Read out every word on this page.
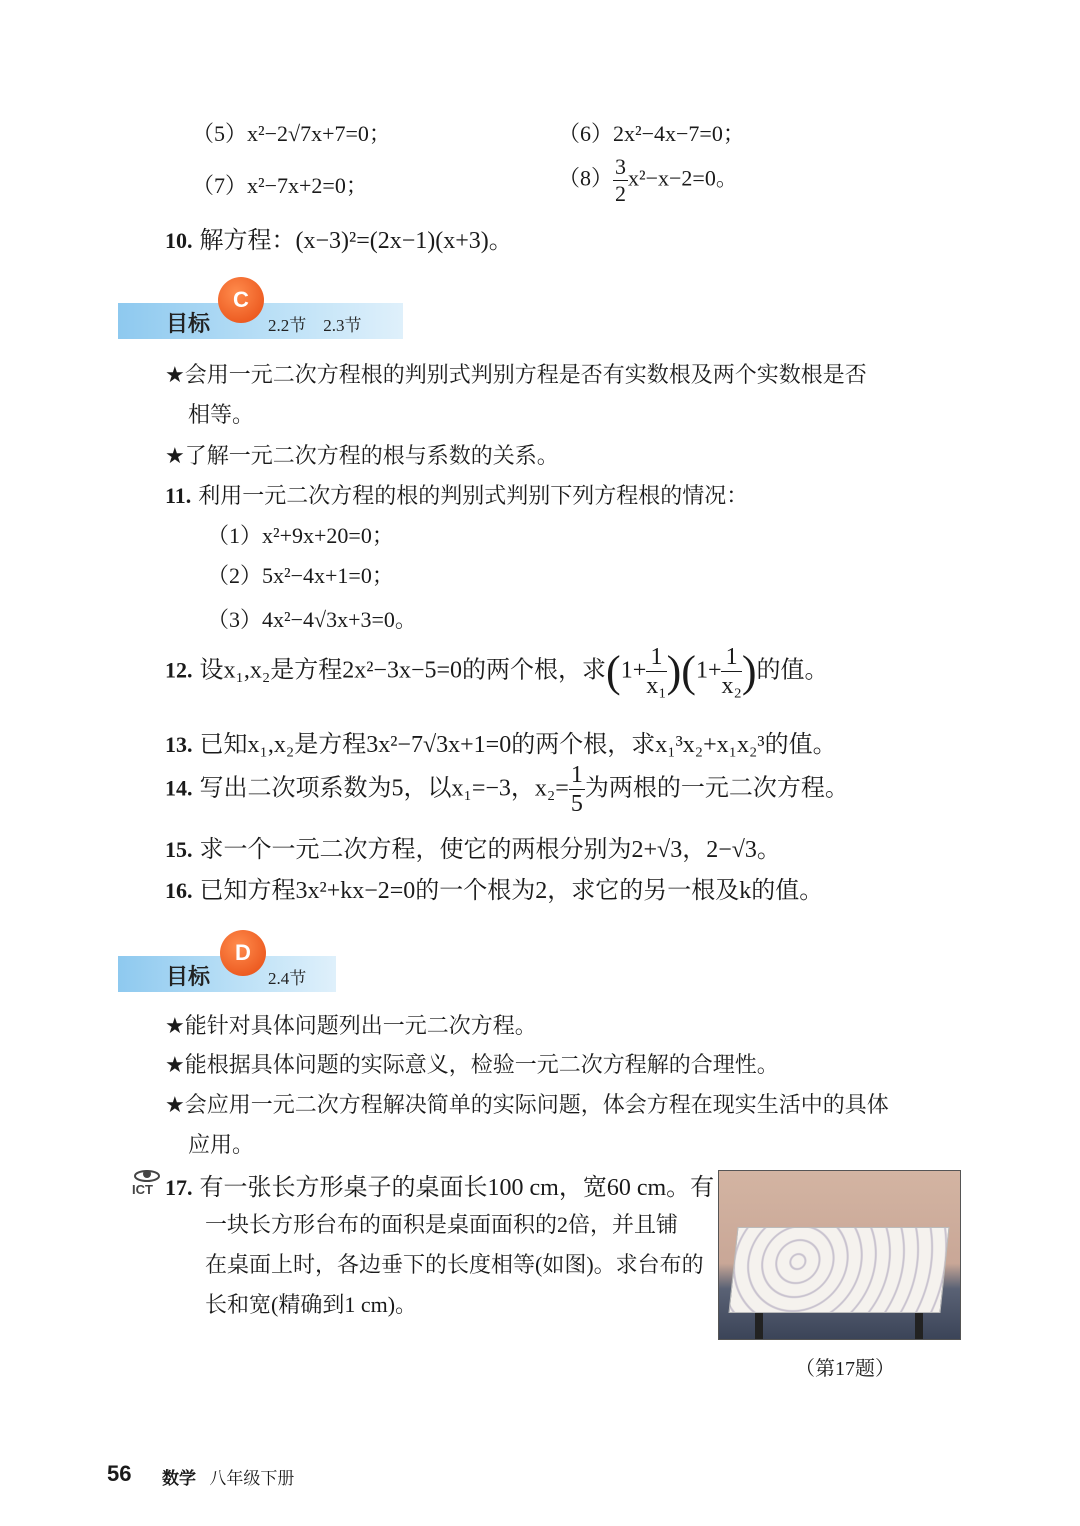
（5）x²−2√7x+7=0；	（6）2x²−4x−7=0；
（7）x²−7x+2=0；	$(8) \frac{3}{2} x^2-x-2=0$。
10. 解方程：(x−3)²=(2x−1)(x+3)。
目标	2.2节　2.3节
C
★会用一元二次方程根的判别式判别方程是否有实数根及两个实数根是否
相等。
★了解一元二次方程的根与系数的关系。
11. 利用一元二次方程的根的判别式判别下列方程根的情况：
（1）x²+9x+20=0；
（2）5x²−4x+1=0；
（3）4x²−4√3x+3=0。
12. 设x₁,x₂是方程2x²−3x−5=0的两个根，求$(1+ \frac{1}{\text{x₁}} )(1+ \frac{1}{\text{x₂}}$ )的值。
13. 已知x₁,x₂是方程3x²−7√3x+1=0的两个根，求x₁³x₂+x₁x₂³的值。
14. 写出二次项系数为5，以x₁=−3，$x_2= \frac{1}{5}$ 为两根的一元二次方程。
15. 求一个一元二次方程，使它的两根分别为2+√3，2−√3。
16. 已知方程3x²+kx−2=0的一个根为2，求它的另一根及k的值。
目标	2.4节
D
★能针对具体问题列出一元二次方程。
★能根据具体问题的实际意义，检验一元二次方程解的合理性。
★会应用一元二次方程解决简单的实际问题，体会方程在现实生活中的具体
应用。
ICT 17. 有一张长方形桌子的桌面长100 cm，宽60 cm。有
一块长方形台布的面积是桌面面积的2倍，并且铺
在桌面上时，各边垂下的长度相等(如图)。求台布的
长和宽(精确到1 cm)。
（第17题）
56 数学 八年级下册
